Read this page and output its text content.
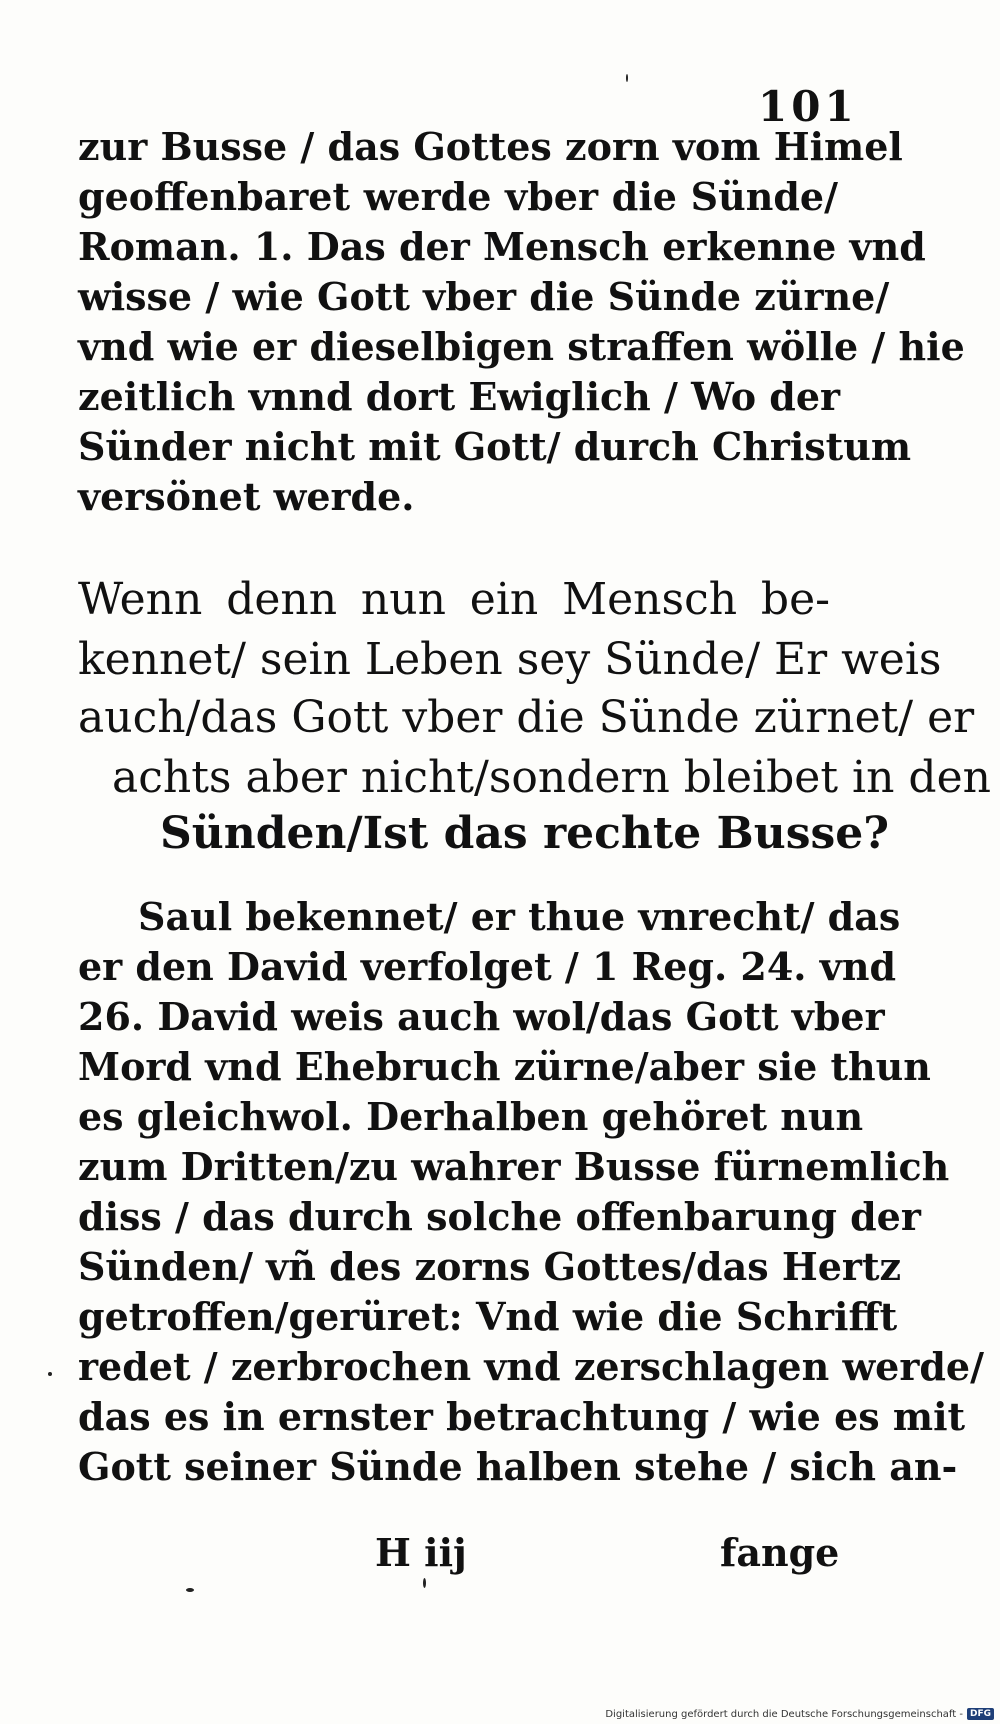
101
zur Busse / das Gottes zorn vom Himel
geoffenbaret werde vber die Sünde/
Roman. 1. Das der Mensch erkenne vnd
wisse / wie Gott vber die Sünde zürne/
vnd wie er dieselbigen straffen wölle / hie
zeitlich vnnd dort Ewiglich / Wo der
Sünder nicht mit Gott/ durch Christum
versönet werde.
Wenn denn nun ein Mensch be-
kennet/ sein Leben sey Sünde/ Er weis
auch/das Gott vber die Sünde zürnet/ er
achts aber nicht/sondern bleibet in den
Sünden/Ist das rechte Busse?
Saul bekennet/ er thue vnrecht/ das
er den David verfolget / 1 Reg. 24. vnd
26. David weis auch wol/das Gott vber
Mord vnd Ehebruch zürne/aber sie thun
es gleichwol. Derhalben gehöret nun
zum Dritten/zu wahrer Busse fürnemlich
diss / das durch solche offenbarung der
Sünden/ vñ des zorns Gottes/das Hertz
getroffen/gerüret: Vnd wie die Schrifft
redet / zerbrochen vnd zerschlagen werde/
das es in ernster betrachtung / wie es mit
Gott seiner Sünde halben stehe / sich an-
H iij	fange
Digitalisierung gefördert durch die Deutsche Forschungsgemeinschaft - DFG
